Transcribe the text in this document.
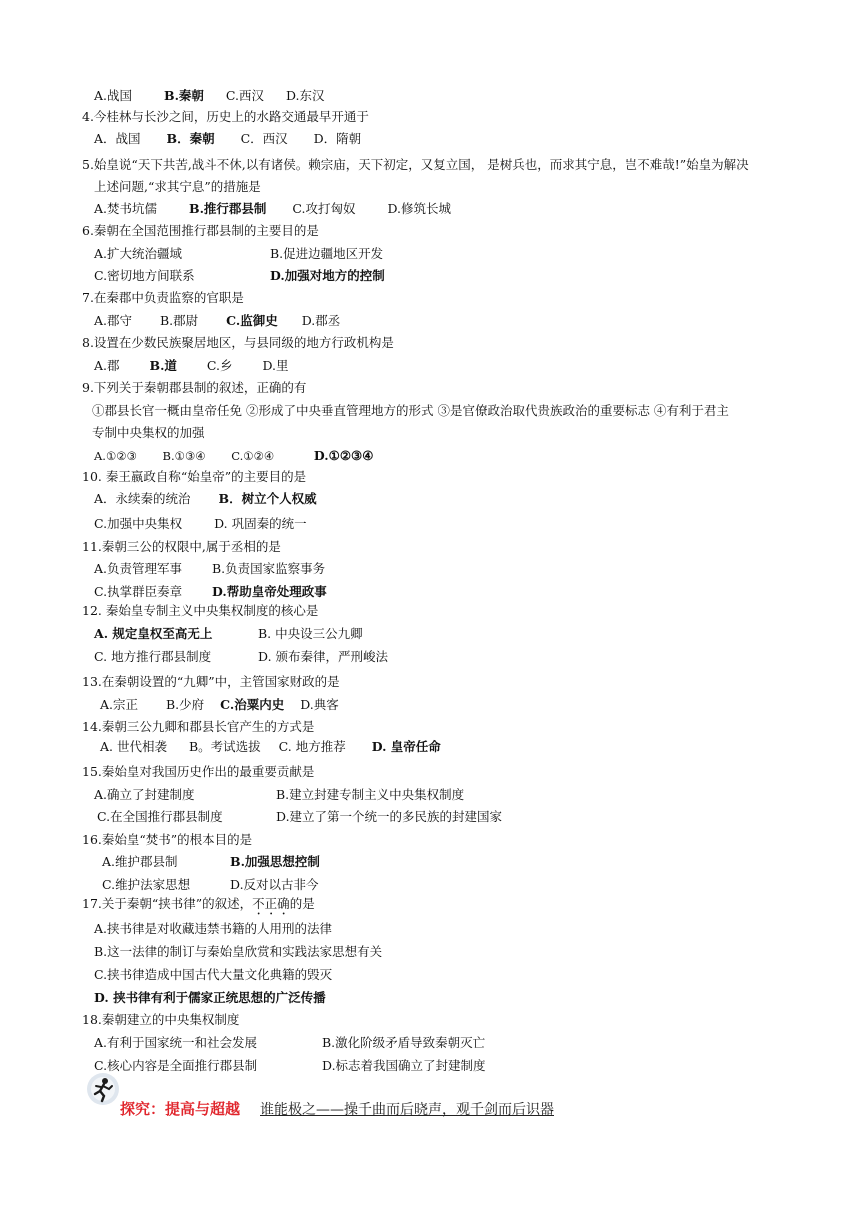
A.战国	B.秦朝 C.西汉 D.东汉
4.今桂林与长沙之间，历史上的水路交通最早开通于
A．战国 B．秦朝 C．西汉 D．隋朝
5.始皇说“天下共苦,战斗不休,以有诸侯。赖宗庙，天下初定，又复立国， 是树兵也，而求其宁息，岂不难哉!”始皇为解决
上述问题,“求其宁息”的措施是
A.焚书坑儒	B.推行郡县制 C.攻打匈奴	D.修筑长城
6.秦朝在全国范围推行郡县制的主要目的是
A.扩大统治疆域	B.促进边疆地区开发
C.密切地方间联系	D.加强对地方的控制
7.在秦郡中负责监察的官职是
A.郡守 B.郡尉 C.监御史 D.郡丞
8.设置在少数民族聚居地区，与县同级的地方行政机构是
A.郡 B.道 C.乡 D.里
9.下列关于秦朝郡县制的叙述，正确的有
①郡县长官一概由皇帝任免 ②形成了中央垂直管理地方的形式 ③是官僚政治取代贵族政治的重要标志 ④有利于君主
专制中央集权的加强
A.①②③ B.①③④ C.①②④	D.①②③④
10. 秦王嬴政自称“始皇帝”的主要目的是
A．永续秦的统治 B．树立个人权威
C.加强中央集权	D. 巩固秦的统一
11.秦朝三公的权限中,属于丞相的是
A.负责管理军事 B.负责国家监察事务
C.执掌群臣奏章 D.帮助皇帝处理政事
12. 秦始皇专制主义中央集权制度的核心是
A. 规定皇权至高无上	B. 中央设三公九卿
C. 地方推行郡县制度	D. 颁布秦律，严刑峻法
13.在秦朝设置的“九卿”中，主管国家财政的是
A.宗正 B.少府 C.治粟内史 D.典客
14.秦朝三公九卿和郡县长官产生的方式是
A. 世代相袭 B。考试选拔 C. 地方推荐 D. 皇帝任命
15.秦始皇对我国历史作出的最重要贡献是
A.确立了封建制度	B.建立封建专制主义中央集权制度
C.在全国推行郡县制度	D.建立了第一个统一的多民族的封建国家
16.秦始皇“焚书”的根本目的是
A.维护郡县制	B.加强思想控制
C.维护法家思想	D.反对以古非今
17.关于秦朝“挟书律”的叙述，不正确的是
A.挟书律是对收藏违禁书籍的人用刑的法律
B.这一法律的制订与秦始皇欣赏和实践法家思想有关
C.挟书律造成中国古代大量文化典籍的毁灭
D. 挟书律有利于儒家正统思想的广泛传播
18.秦朝建立的中央集权制度
A.有利于国家统一和社会发展	B.激化阶级矛盾导致秦朝灭亡
C.核心内容是全面推行郡县制	D.标志着我国确立了封建制度
探究：提高与超越 谁能极之——操千曲而后晓声，观千剑而后识器
